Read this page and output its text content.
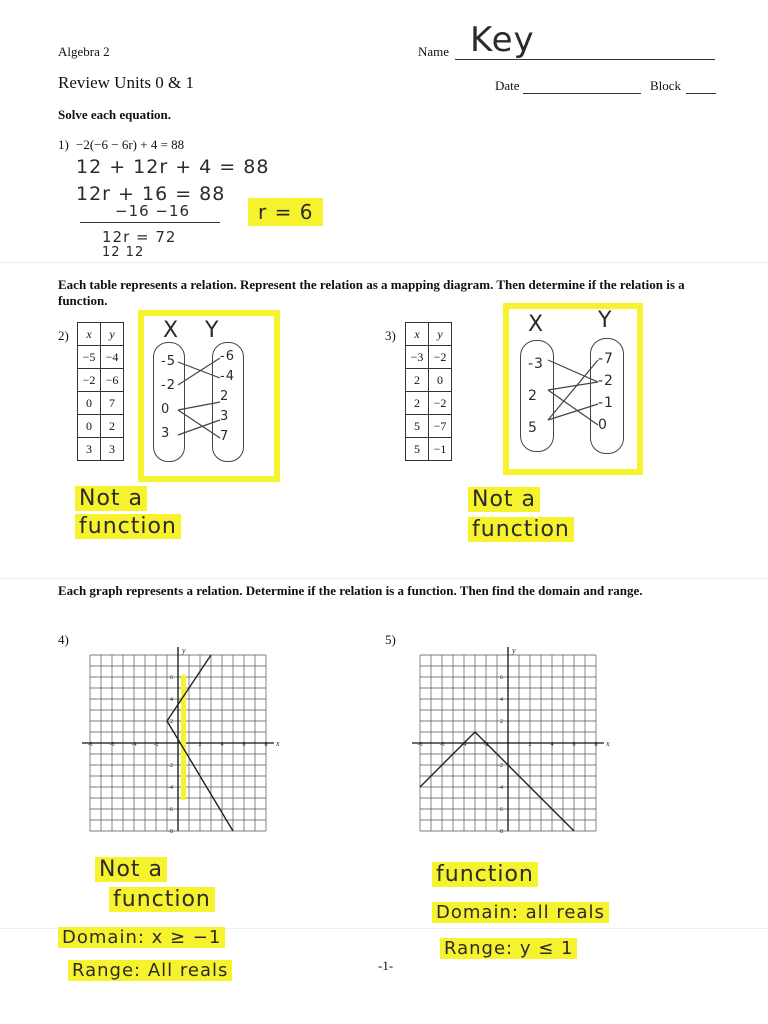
Algebra 2
Review Units 0 & 1
Name Key
Date	Block
Solve each equation.
1) −2(−6 − 6r) + 4 = 88
12 + 12r + 4 = 88
12r + 16 = 88
−16 −16
12r = 72
12 12
r = 6
Each table represents a relation. Represent the relation as a mapping diagram. Then determine if the relation is a function.
2) x	y
−5	−4
−2	−6
0	7
0	2
3	3
X Y
-5
-2
0
3
-6
-4
2
3
7
Not a
function
3) x	y
−3	−2
2	0
2	−2
5	−7
5	−1
X Y
-3
2
5
-7
-2
-1
0
Not a
function
Each graph represents a relation. Determine if the relation is a function. Then find the domain and range.
4)
-8	-6	-4	-2	2	4	6	8
6
4
2
-2
-4
-6
-8
x
y
5)
-8	-6	-4	-2	2	4	6	8
6
4
2
-2
-4
-6
-8
x
y
Not a
function
Domain: x ≥ −1
Range: All reals
function
Domain: all reals
Range: y ≤ 1
-1-
